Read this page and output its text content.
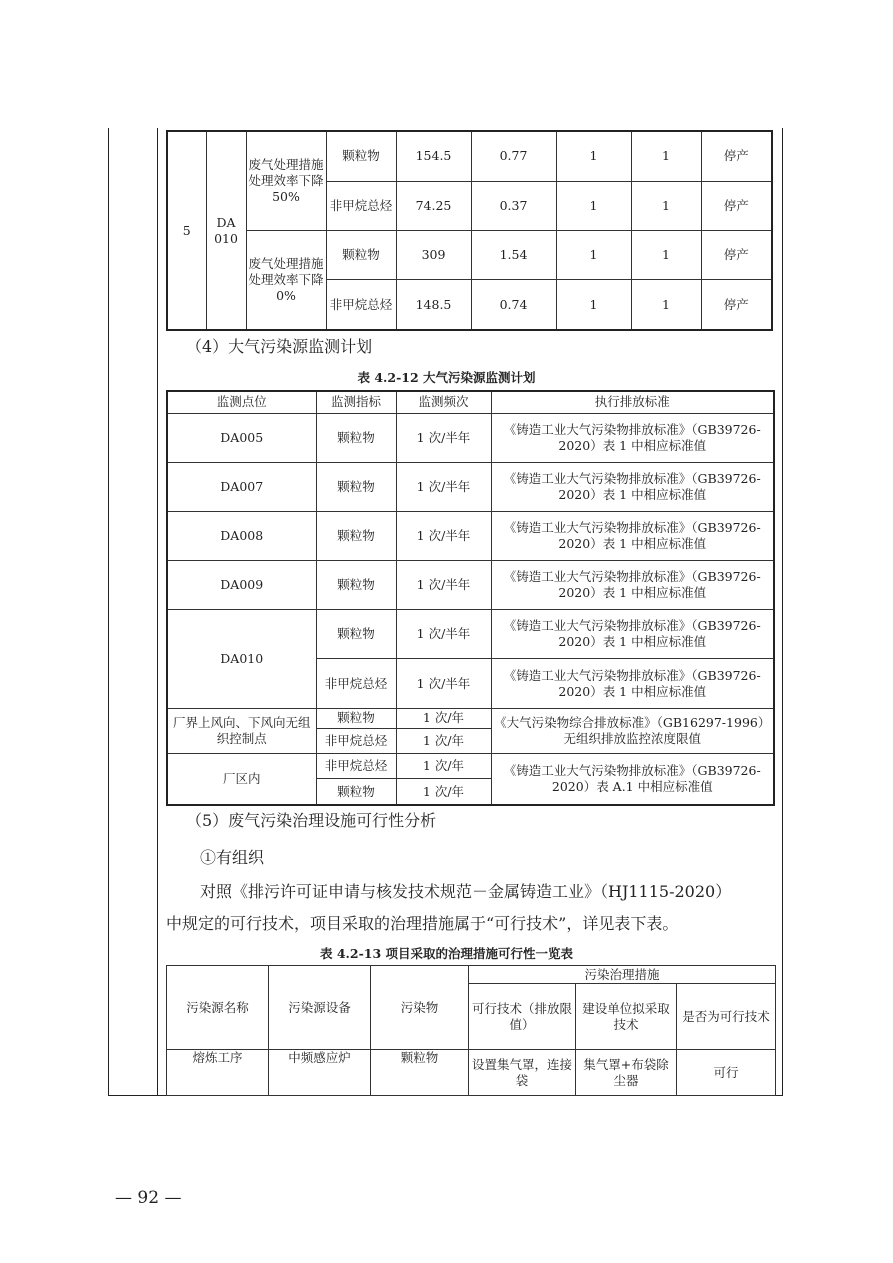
5	DA 010	废气处理措施处理效率下降50%	颗粒物	154.5	0.77	1	1	停产
			非甲烷总烃	74.25	0.37	1	1	停产
		废气处理措施处理效率下降0%	颗粒物	309	1.54	1	1	停产
			非甲烷总烃	148.5	0.74	1	1	停产
（4）大气污染源监测计划
表 4.2-12 大气污染源监测计划
监测点位	监测指标	监测频次	执行排放标准
DA005	颗粒物	1 次/半年	《铸造工业大气污染物排放标准》（GB39726-2020）表 1 中相应标准值
DA007	颗粒物	1 次/半年	《铸造工业大气污染物排放标准》（GB39726-2020）表 1 中相应标准值
DA008	颗粒物	1 次/半年	《铸造工业大气污染物排放标准》（GB39726-2020）表 1 中相应标准值
DA009	颗粒物	1 次/半年	《铸造工业大气污染物排放标准》（GB39726-2020）表 1 中相应标准值
DA010	颗粒物	1 次/半年	《铸造工业大气污染物排放标准》（GB39726-2020）表 1 中相应标准值
	非甲烷总烃	1 次/半年	《铸造工业大气污染物排放标准》（GB39726-2020）表 1 中相应标准值
厂界上风向、下风向无组织控制点	颗粒物	1 次/年	《大气污染物综合排放标准》（GB16297-1996）无组织排放监控浓度限值
	非甲烷总烃	1 次/年	
厂区内	非甲烷总烃	1 次/年	《铸造工业大气污染物排放标准》（GB39726-2020）表 A.1 中相应标准值
	颗粒物	1 次/年	
（5）废气污染治理设施可行性分析
①有组织
对照《排污许可证申请与核发技术规范－金属铸造工业》（HJ1115-2020）
中规定的可行技术，项目采取的治理措施属于“可行技术”，详见表下表。
表 4.2-13 项目采取的治理措施可行性一览表
污染源名称	污染源设备	污染物	污染治理措施		
			可行技术（排放限值）	建设单位拟采取技术	是否为可行技术
熔炼工序	中频感应炉	颗粒物	设置集气罩，连接袋	集气罩+布袋除尘器	可行
— 92 —
